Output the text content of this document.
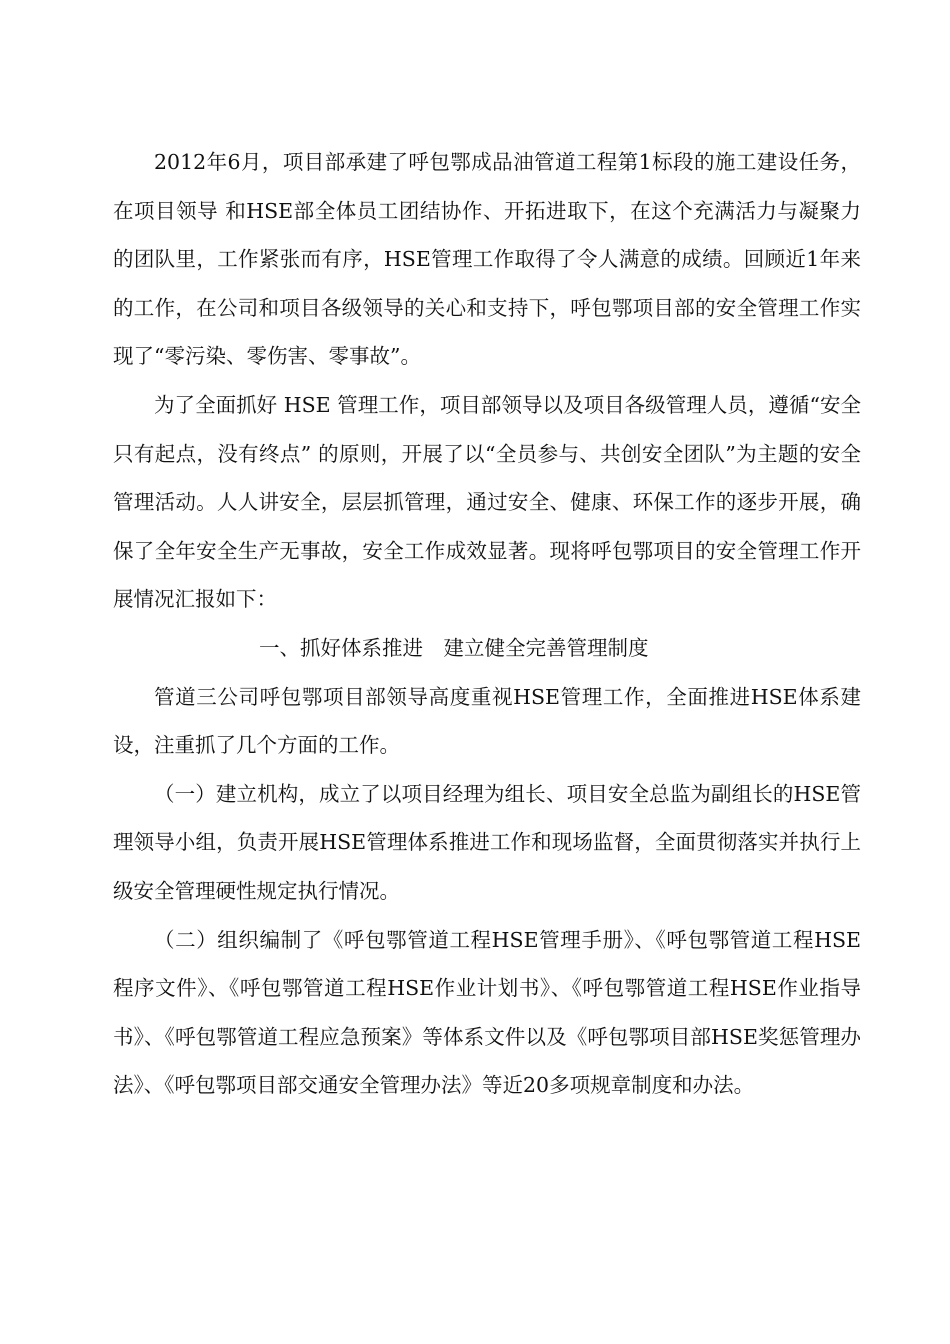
2012年6月，项目部承建了呼包鄂成品油管道工程第1标段的施工建设任务，在项目领导 和HSE部全体员工团结协作、开拓进取下，在这个充满活力与凝聚力的团队里，工作紧张而有序，HSE管理工作取得了令人满意的成绩。回顾近1年来的工作，在公司和项目各级领导的关心和支持下，呼包鄂项目部的安全管理工作实现了“零污染、零伤害、零事故”。

为了全面抓好 HSE 管理工作，项目部领导以及项目各级管理人员，遵循“安全只有起点，没有终点” 的原则，开展了以“全员参与、共创安全团队”为主题的安全管理活动。人人讲安全，层层抓管理，通过安全、健康、环保工作的逐步开展，确保了全年安全生产无事故，安全工作成效显著。现将呼包鄂项目的安全管理工作开展情况汇报如下：

一、抓好体系推进　建立健全完善管理制度

管道三公司呼包鄂项目部领导高度重视HSE管理工作，全面推进HSE体系建设，注重抓了几个方面的工作。

（一）建立机构，成立了以项目经理为组长、项目安全总监为副组长的HSE管理领导小组，负责开展HSE管理体系推进工作和现场监督，全面贯彻落实并执行上级安全管理硬性规定执行情况。

（二）组织编制了《呼包鄂管道工程HSE管理手册》、《呼包鄂管道工程HSE程序文件》、《呼包鄂管道工程HSE作业计划书》、《呼包鄂管道工程HSE作业指导书》、《呼包鄂管道工程应急预案》等体系文件以及《呼包鄂项目部HSE奖惩管理办法》、《呼包鄂项目部交通安全管理办法》等近20多项规章制度和办法。
